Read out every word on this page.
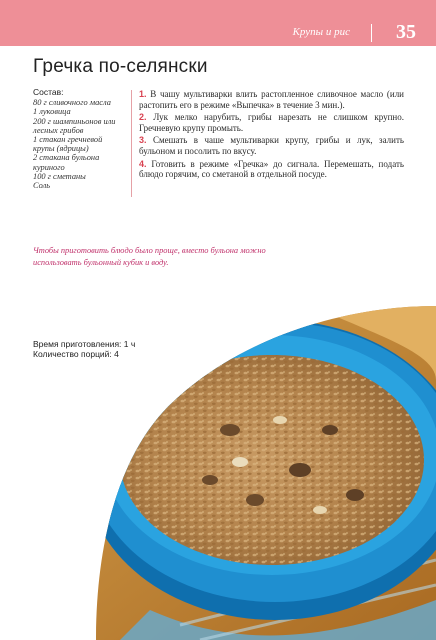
Крупы и рис 35
Гречка по-селянски
Состав:
80 г сливочного масла
1 луковица
200 г шампиньонов или лесных грибов
1 стакан гречневой крупы (ядрицы)
2 стакана бульона куриного
100 г сметаны
Соль

1. В чашу мультиварки влить растопленное сливочное масло (или растопить его в режиме «Выпечка» в течение 3 мин.).

2. Лук мелко нарубить, грибы нарезать не слишком крупно. Гречневую крупу промыть.

3. Смешать в чаше мультиварки крупу, грибы и лук, залить бульоном и посолить по вкусу.

4. Готовить в режиме «Гречка» до сигнала. Перемешать, подать блюдо горячим, со сметаной в отдельной посуде.

Чтобы приготовить блюдо было проще, вместо бульона можно использовать бульонный кубик и воду.
Время приготовления: 1 ч
Количество порций: 4
